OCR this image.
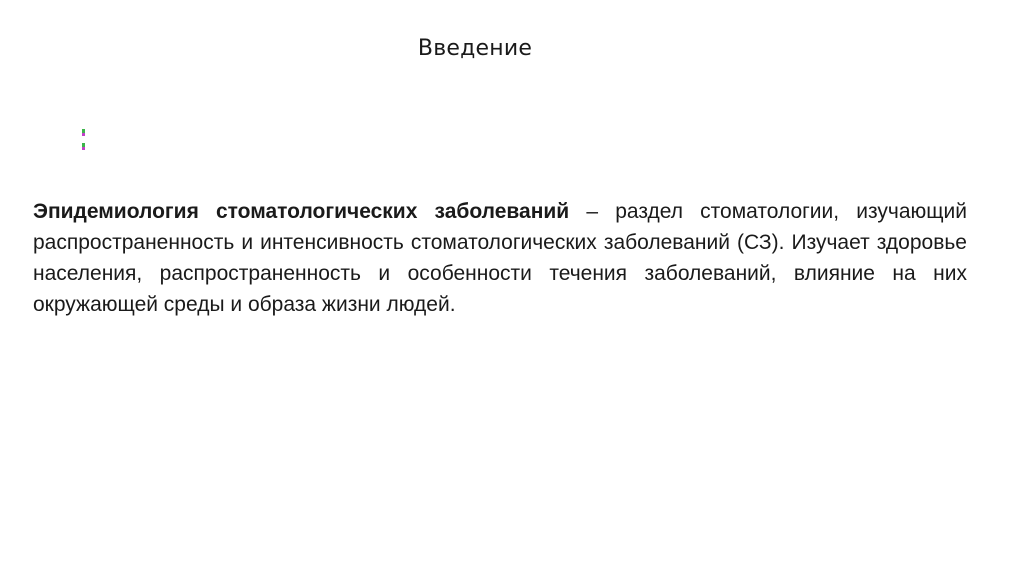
Введение

Эпидемиология стоматологических заболеваний – раздел стоматологии, изучающий распространенность и интенсивность стоматологических заболеваний (СЗ). Изучает здоровье населения, распространенность и особенности течения заболеваний, влияние на них окружающей среды и образа жизни людей.
